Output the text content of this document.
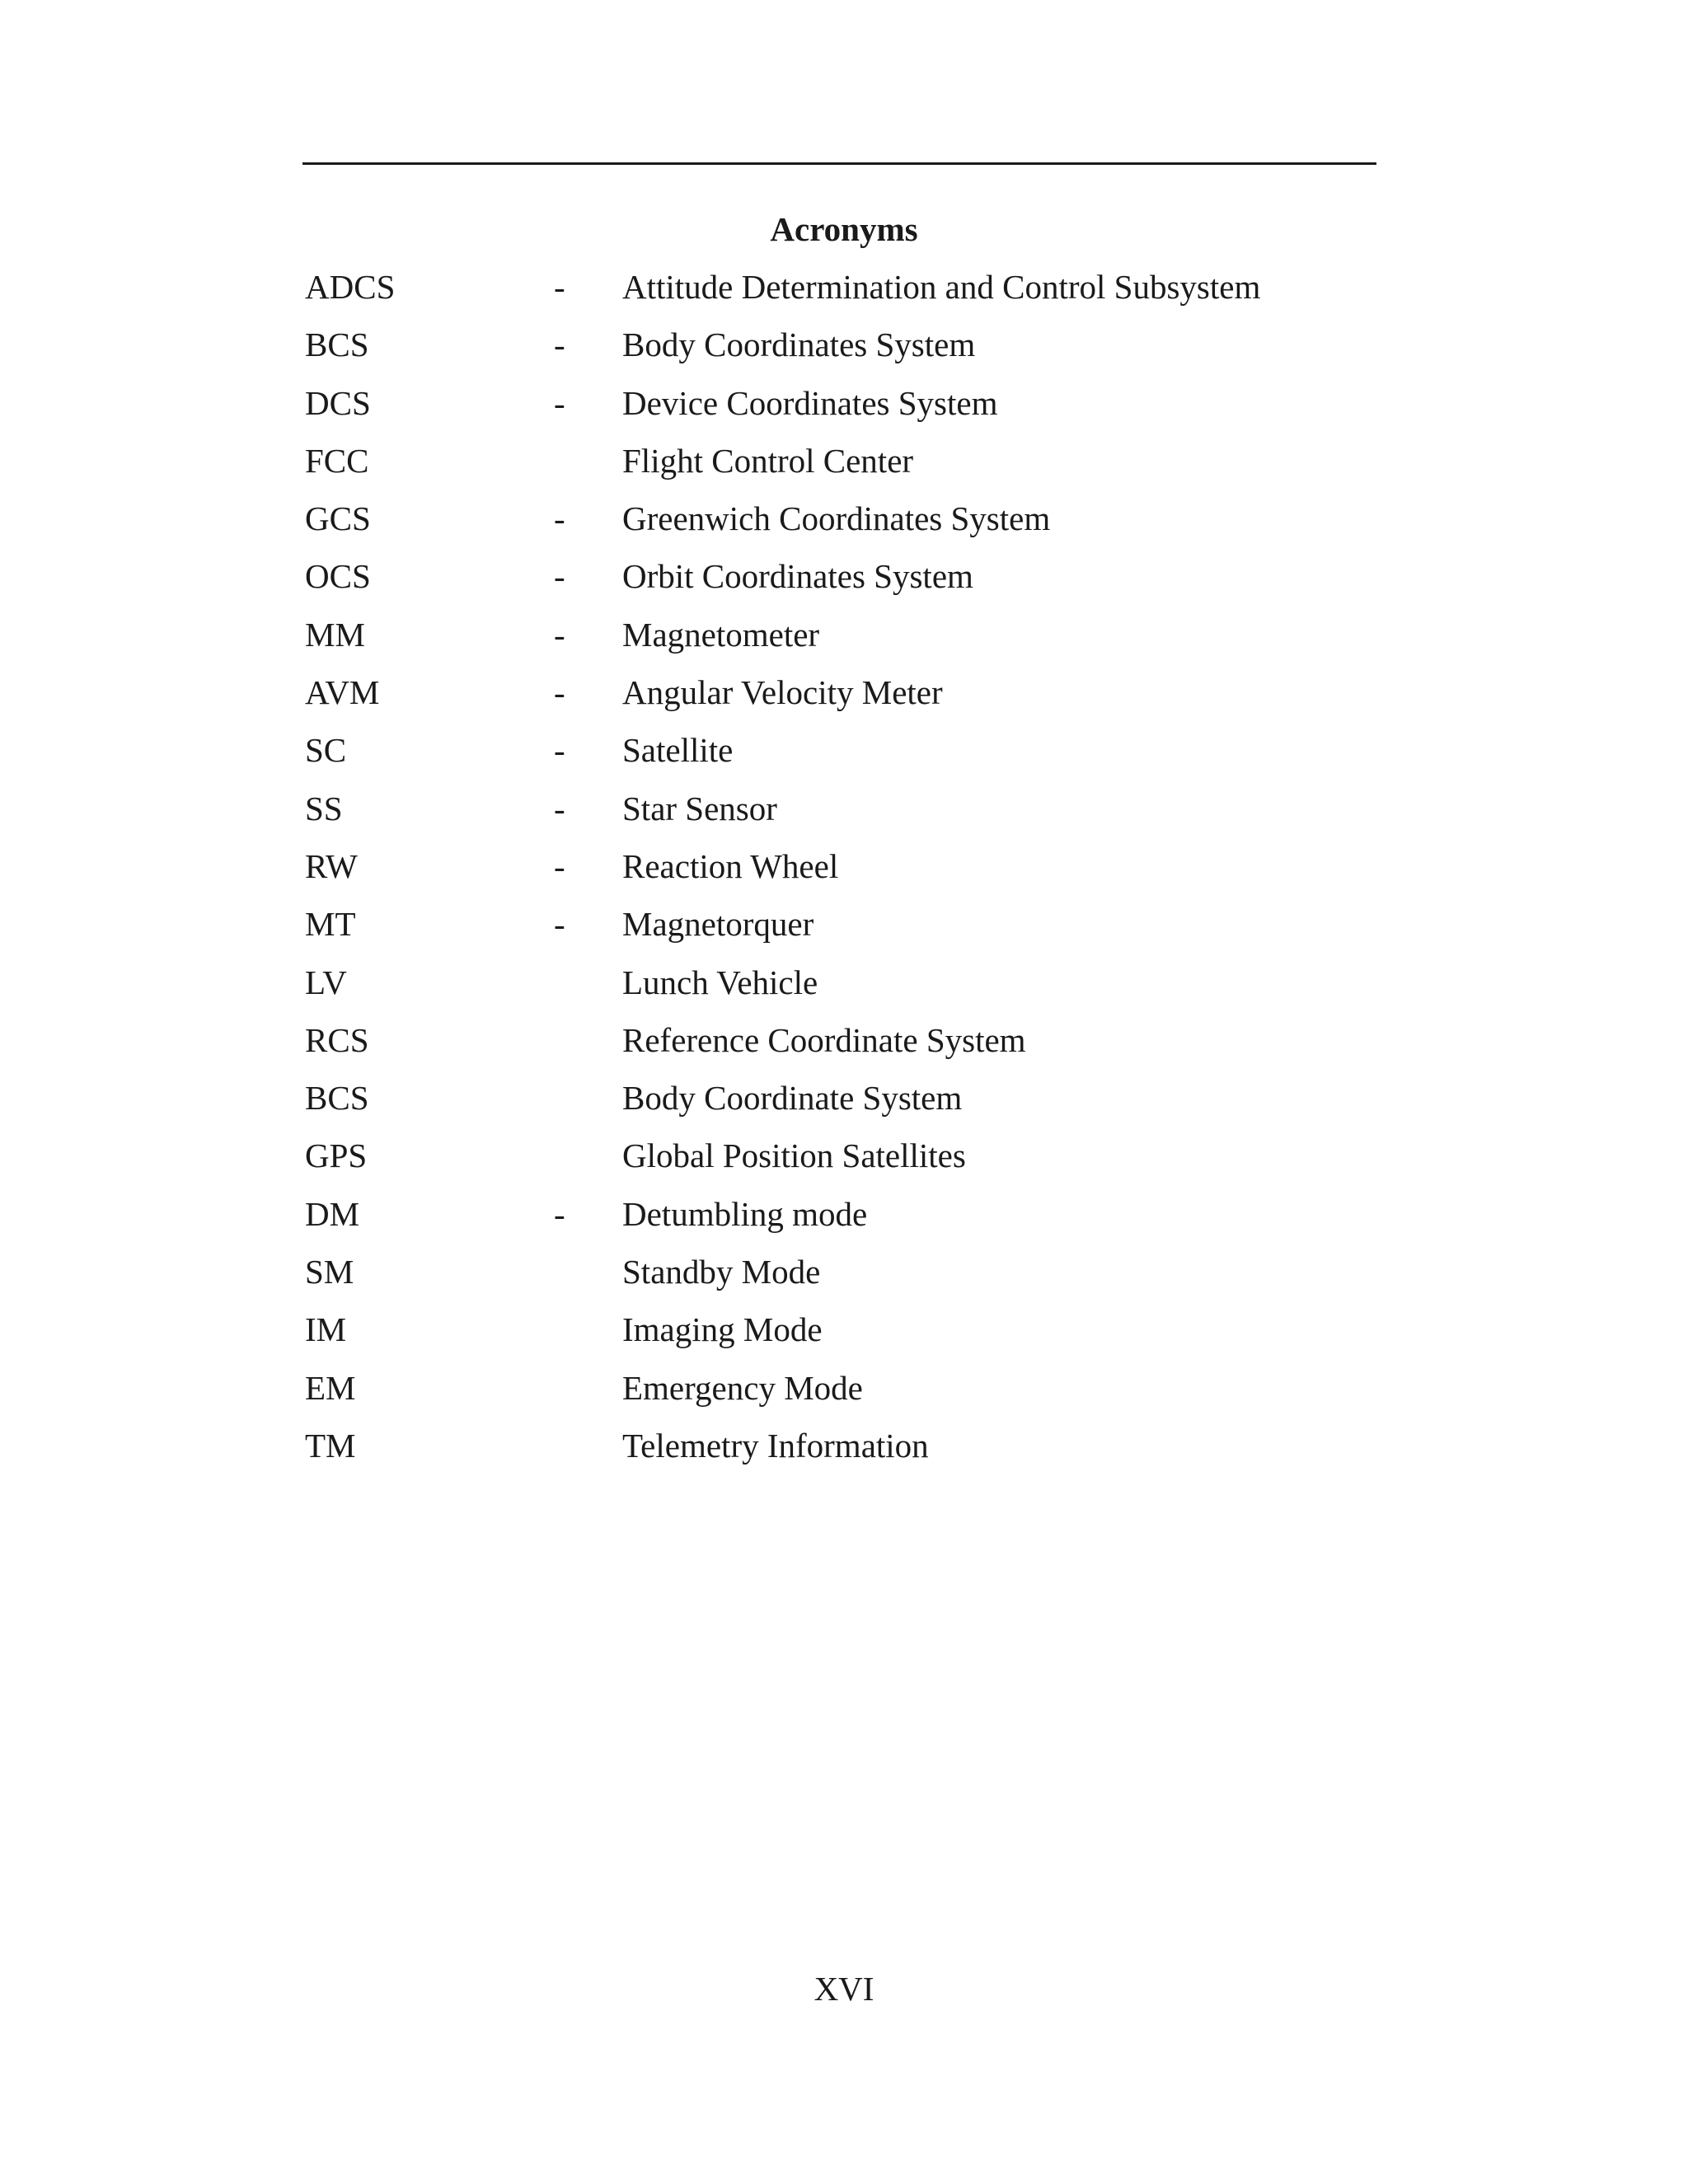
Acronyms
ADCS	- Attitude Determination and Control Subsystem
BCS	- Body Coordinates System
DCS	- Device Coordinates System
FCC	Flight Control Center
GCS	- Greenwich Coordinates System
OCS	- Orbit Coordinates System
MM	- Magnetometer
AVM	- Angular Velocity Meter
SC	- Satellite
SS	- Star Sensor
RW	- Reaction Wheel
MT	- Magnetorquer
LV	Lunch Vehicle
RCS	Reference Coordinate System
BCS	Body Coordinate System
GPS	Global Position Satellites
DM	- Detumbling mode
SM	Standby Mode
IM	Imaging Mode
EM	Emergency Mode
TM	Telemetry Information
XVI
